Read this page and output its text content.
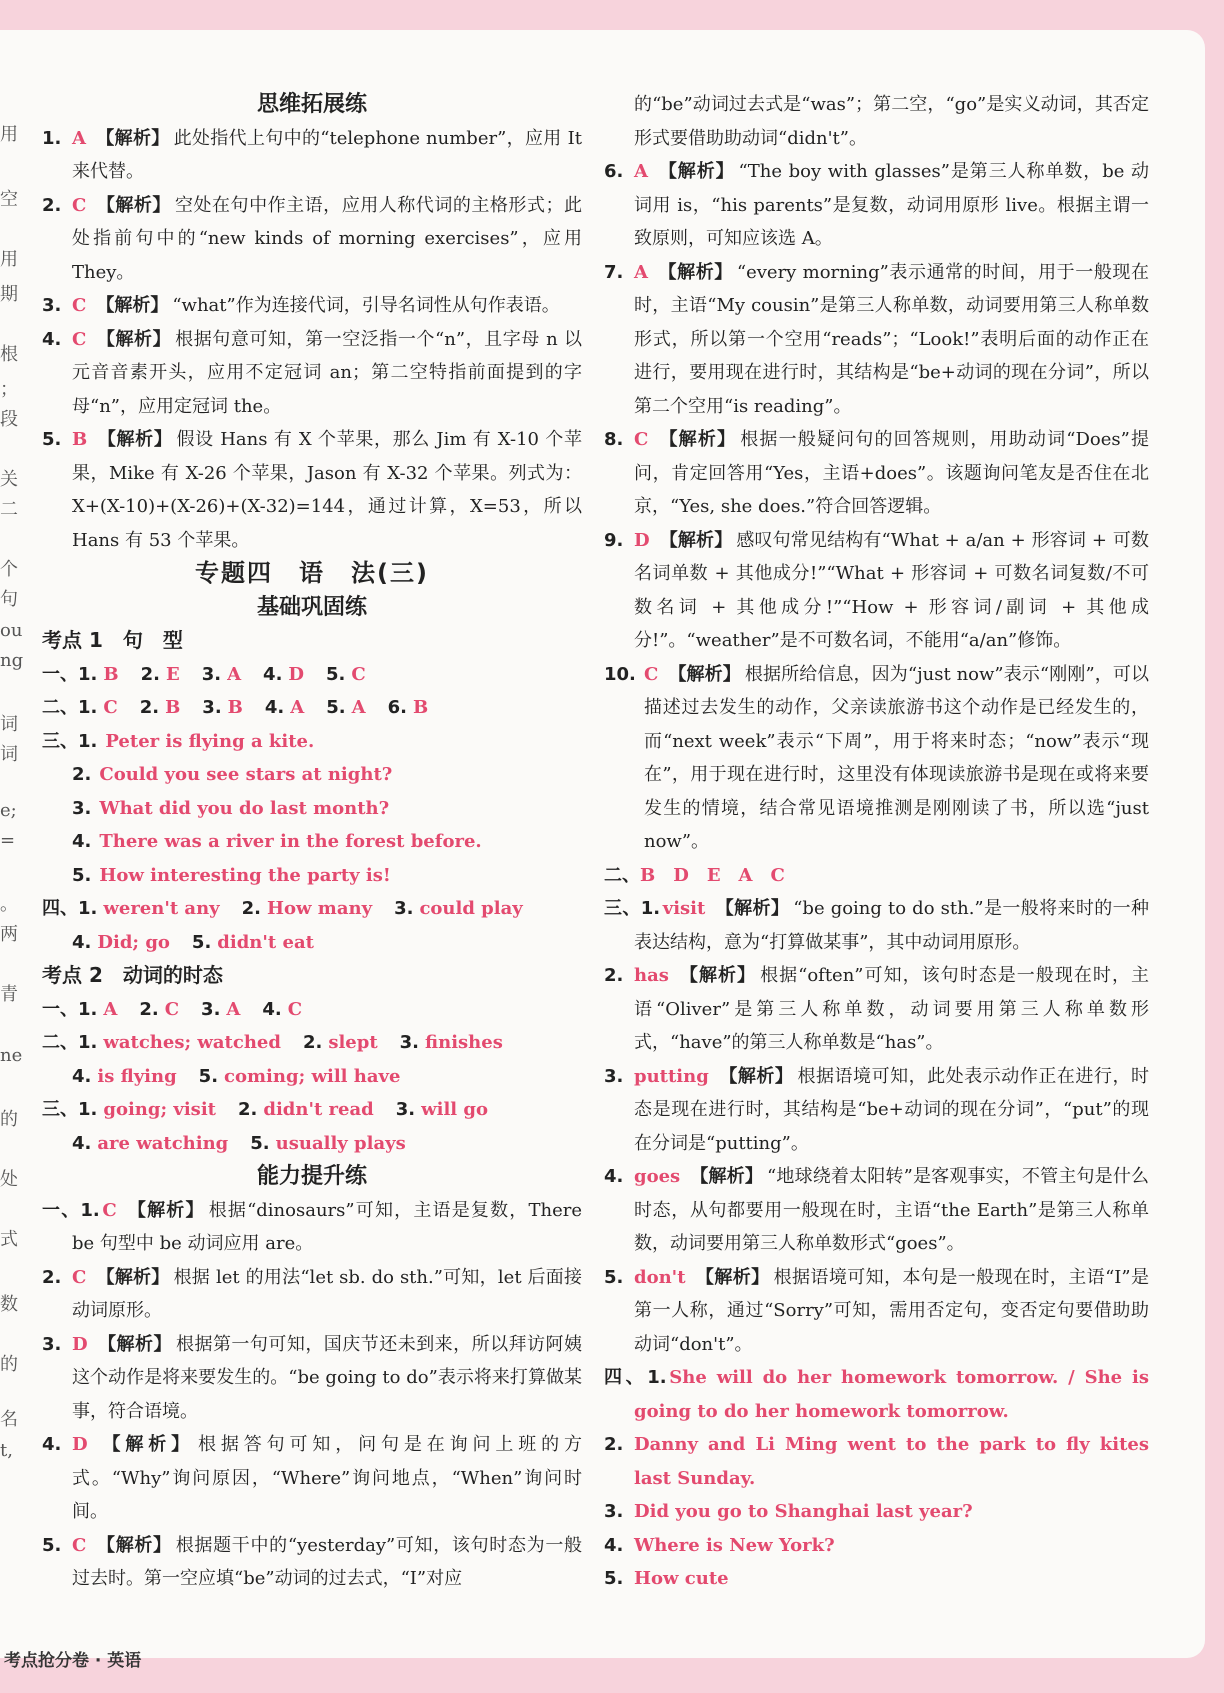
用
空
用
期
根
；
段
关
二
个
句
ou
ng
词
词
e;
=
。
两
青
ne
的
处
式
数
的
名
t,
思维拓展练
1. A 【解析】 此处指代上句中的“telephone number”，应用 It 来代替。
2. C 【解析】 空处在句中作主语，应用人称代词的主格形式；此处指前句中的“new kinds of morning exercises”，应用 They。
3. C 【解析】 “what”作为连接代词，引导名词性从句作表语。
4. C 【解析】 根据句意可知，第一空泛指一个“n”，且字母 n 以元音音素开头，应用不定冠词 an；第二空特指前面提到的字母“n”，应用定冠词 the。
5. B 【解析】 假设 Hans 有 X 个苹果，那么 Jim 有 X-10 个苹果，Mike 有 X-26 个苹果，Jason 有 X-32 个苹果。列式为：X+(X-10)+(X-26)+(X-32)=144，通过计算，X=53，所以 Hans 有 53 个苹果。
专题四　语　法(三)
基础巩固练
考点 1　句　型
一、1. B 2. E 3. A 4. D 5. C
二、1. C 2. B 3. B 4. A 5. A 6. B
三、1. Peter is flying a kite.
2. Could you see stars at night?
3. What did you do last month?
4. There was a river in the forest before.
5. How interesting the party is!
四、1. weren't any 2. How many 3. could play
4. Did; go 5. didn't eat
考点 2　动词的时态
一、1. A 2. C 3. A 4. C
二、1. watches; watched 2. slept 3. finishes
4. is flying 5. coming; will have
三、1. going; visit 2. didn't read 3. will go
4. are watching 5. usually plays
能力提升练
一、1. C 【解析】 根据“dinosaurs”可知，主语是复数，There be 句型中 be 动词应用 are。
2. C 【解析】 根据 let 的用法“let sb. do sth.”可知，let 后面接动词原形。
3. D 【解析】 根据第一句可知，国庆节还未到来，所以拜访阿姨这个动作是将来要发生的。“be going to do”表示将来打算做某事，符合语境。
4. D 【解析】 根据答句可知，问句是在询问上班的方式。“Why”询问原因，“Where”询问地点，“When”询问时间。
5. C 【解析】 根据题干中的“yesterday”可知，该句时态为一般过去时。第一空应填“be”动词的过去式，“I”对应
的“be”动词过去式是“was”；第二空，“go”是实义动词，其否定形式要借助助动词“didn't”。
6. A 【解析】 “The boy with glasses”是第三人称单数，be 动词用 is，“his parents”是复数，动词用原形 live。根据主谓一致原则，可知应该选 A。
7. A 【解析】 “every morning”表示通常的时间，用于一般现在时，主语“My cousin”是第三人称单数，动词要用第三人称单数形式，所以第一个空用“reads”；“Look!”表明后面的动作正在进行，要用现在进行时，其结构是“be+动词的现在分词”，所以第二个空用“is reading”。
8. C 【解析】 根据一般疑问句的回答规则，用助动词“Does”提问，肯定回答用“Yes，主语+does”。该题询问笔友是否住在北京，“Yes, she does.”符合回答逻辑。
9. D 【解析】 感叹句常见结构有“What + a/an + 形容词 + 可数名词单数 + 其他成分!”“What + 形容词 + 可数名词复数/不可数名词 + 其他成分!”“How + 形容词/副词 + 其他成分!”。“weather”是不可数名词，不能用“a/an”修饰。
10. C 【解析】 根据所给信息，因为“just now”表示“刚刚”，可以描述过去发生的动作，父亲读旅游书这个动作是已经发生的，而“next week”表示“下周”，用于将来时态；“now”表示“现在”，用于现在进行时，这里没有体现读旅游书是现在或将来要发生的情境，结合常见语境推测是刚刚读了书，所以选“just now”。
二、B　D　E　A　C
三、1. visit 【解析】 “be going to do sth.”是一般将来时的一种表达结构，意为“打算做某事”，其中动词用原形。
2. has 【解析】 根据“often”可知，该句时态是一般现在时，主语“Oliver”是第三人称单数，动词要用第三人称单数形式，“have”的第三人称单数是“has”。
3. putting 【解析】 根据语境可知，此处表示动作正在进行，时态是现在进行时，其结构是“be+动词的现在分词”，“put”的现在分词是“putting”。
4. goes 【解析】 “地球绕着太阳转”是客观事实，不管主句是什么时态，从句都要用一般现在时，主语“the Earth”是第三人称单数，动词要用第三人称单数形式“goes”。
5. don't 【解析】 根据语境可知，本句是一般现在时，主语“I”是第一人称，通过“Sorry”可知，需用否定句，变否定句要借助助动词“don't”。
四、1. She will do her homework tomorrow. / She is going to do her homework tomorrow.
2. Danny and Li Ming went to the park to fly kites last Sunday.
3. Did you go to Shanghai last year?
4. Where is New York?
5. How cute
考点抢分卷 · 英语
